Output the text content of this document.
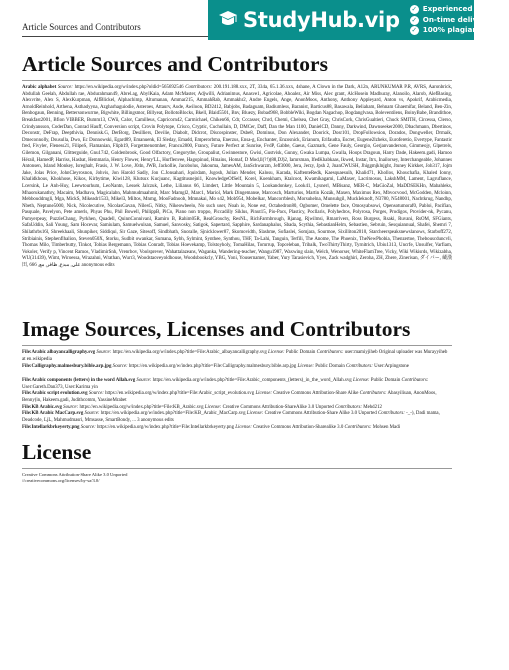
Article Sources and Contributors	StudyHub.vip ✓ Experienced writers
✓ On-time delivery
✓ 100% plagiarism free
Article Sources and Contributors
Arabic alphabet Source: https://en.wikipedia.org/w/index.php?oldid=565692546 Contributors: 200.191.188.xxx, 2T, 334a, 65.1.36.xxx, 4shane, A Clown in the Dark, A12n, ARUNKUMAR P.R, AVRS, Aaronbrick, Abdullah Geelah, Abdullah rae, Abdurahman49, Abrel.ag, AbylKaia, Adam McMaster, Adjwilli, Adrianimus, Anasve1, Agricolae, Ahoalez, Air Miss, Alec grant, AlcHosein Madhuray, Alanoilo, Alarob, AlefBasing, Alexvrite, Alex S, AlexKurpman, AlfBlickel, Alphachimp, Altumanan, Ammar215, AmmahRab, Ammakhr2, Andre Engels, Ange, AnonMoos, Anthony, Anthony Appleyard, Anton vs, Apokrif, Arabicmedia, ArnoldReinhold, Arthena, Asthadyyna, Azgharhaguiodie, Asteroes, Attaurv, Aude, Awiloon, BD2412, Babjobs, Badaguam, Badiumless, Baranist, Barticus88, Basawala, Beliaham, Behnam Ghaemifar, Beland, Ben-Zin, Benbogaun, Benning, Bettersonwurrne, Bigwhite, Billingsmor, Billyeat, BollotoBlocks, Bkell, Blaid5501, Bnv, Bluezy, Bobad968, BobbleWiki, Bogdan Nagachop, Bogdanglvasa, Boleventilens, BoinyBabe, Brandithoe, Breakfast2001, Bfion VIBBER, Bumm13, CWii, Calor, Camilleus, Capricorn42, Carmichael, Chiken66, Cdr, Cccasser, Chrd, Chemi, Chelsea, Chet Gray, ChrisCork, ChrisGualtieri, Chuck SMITH, Circessa, Clerso, Crindyansson, CoderDan, Conrad Hauff, Conversion script, Crovin Polytope, Crisco, Cryptic, Cuchullain, D, DMCer, Daff, Dan the Man 1100, DanielCD, Danny, Darkwind, Dawnseeker2000, Dbachmann, Dbertinos, Deconstr, DeFrap, Deepthivia, Dennisk.G, DerBorg, Desilliers, Devilie, Diabolt, Didcrot, Discospinster, Dsbe8, Dominus, Don Alexander, Doorick, Dosr101, DropFollowsion, Dorados, Dongweller, Drmaik, Dmeconnolly, Dsusulla, Dwo, Ec Donnowski, Egard89, Emanuenk, El Sleday, Emadd, Emperorbma, Enerzus, Ensa-g, Enchanter, Enzosnick, Erianum, Erifaudta, Escret, Eugene2lzheks, Euroferetio, Evertype, Fantastic fred, Fivyler, Fleness21, FilipeS, Flamanian, Flipb19, Forgetmenotmher, Franco2800, Francy, Future Perfect at Sunrise, FvdP, Gabbe, Gaeus, Gazmark, Gene Fauly, Georgio, Gerjanvanderson, Gimmeojy, Glpetrels, Gilemon, Gilganani, Glitterguide, Gnu1742, Goldenbrook, Good Olfactory, Gregorythe, Groupaliut, Gwinnestore, Gwisi, Gustvisk, Gunny, Gwaka Lumpa, Gwalla, Hoops Dragoun, Harry Dade, Hakeem.gadi, Hamoo Hérail, HamedP, Harriss, Hasbat, Hemmaria, Henry Flower, Henry'LL, Hurflenvee, Hagopinud, Hmains, Homaf, D Mod,ll(?!)(88,DJ)2, Iamrsman, IfedKhabkaas, Ikwed, Instar, Itrx, Inailorsey, Interchangeable, Johannes Antonsen, Island Monkey, Isreghalt, Frasis, J. W. Love, J04n, JWB, Jackollie, Jacobolus, Jakouma, JamesAM, JanSchwarzm, Jeff3000, Jera, Jerzy, Jpsh 2, JnanCWUSH, Jhiggmjklnjght, Jtuney Kirkket, Joh317, Jojm Jake, Jolas Price, JohnCleyrosnon, Johvis, Jon Harold Sadly, Jon C.Jonsahari, Jquirdam, Jsgosh, Julian Mender, Kalosu, Karada, KaftenteRedk, Kaesquaesuih, Khalid71, Khollos, Khouchafia, Khaled Ionny, Khalidkhous, Khokhose, Kikos, Kirbytime, Kiwi128, Klutsux Kucjuanc, Kagtitusnejni1, KnowledgeOfSelf, Korel, Koenkham, Ktalcoot, Kwamikagami, LaMaxer, Lacrimosus, LakshMM, Lament, Lagruflance, Lcersink, Le Anh-Huy, Leewtourhum, LeoNantn, Lessek Jalczuk, Lethe, Lilianus 66, Limdert, Little Mountain 5, Lookandonkey, Look41, Lysnerl, MBisanz, MER-C, MaGioZal, MaDDSEKHn, Mabahleks, Mhaorukanathry, Macaim, Madhava, Magicalabn, Mahmudmaahmit, Marc Mamgl2, Marc1, Mariol, Mark Dingemanse, Marcosch, Marturios, Martin Kozák, Maxen, Maximus Rex, Mbvocvood, McGodden, Mcloinn, Mebbouddmgli, Mga, MickS, Mikeadr1533, Mikel3, Miltos, Mnmg, MooFadnoob, Mmnakai, Mo s42, Mob954, Mobelkar, Mancorrblesh, Morsuhelna, Munsuhgil, MuckIeknoft, N3780, N548001, Nachtkrug, Nandhp, Nbeth, Neptune5000, Nick, Nicolecutive, NicolasGavan, NilesG, Nitky, Nikeowbeelo, No such user, Noah io, None est, Octahedron80, Ogbomer, Omelette face, Omosyabsowi, Opensotumoraf0, Pabloi, Pacifian, Pasquale, Pavelyon, Pete amerls, Phyas Phu, Phil Bowell, PhilippB, PiCo, Piano non troppo, Piccadilly Siklus, Pinut15, Pio-Pacs, Plasticy, Pocllaris, Polyhedros, Polyrosa, Porges, Prodigos, Provider-nk, Pycanu, Pumyerpeay, PuzzleChang, Pyrkhen, Quadell, QuinnConnivanl, Ramiro B, Rahim05R, RealGrouchy, ResNL, RichFarmbrough, Rjanag, Rjwilmsi, Rmarrivers, Ross Burgess, Rsaki, Ruvani, RsOM, SFGiants, SafaUddin, Sali Young, Sam Hocevar, Samiulam, Samuelwulsan, Samuel, Sanvosky, Satigok, Sapertard, Sapphire, Sardanaphalus, Sbada, Scythia, SebastianHelm, Sebastien, Sebruin, Sesquiannual, Shafei, Shemri 7, Shilathrbs16l, Shreekhaali, Shunpiker, Siddiqui, Sir Gaze, Sitesoff, Sindbhath, Snoralle, Sjnicklower87, Skomovidth, Slashme, Sofiaslei, Somjara, Sourmoe, Sixilliton2010, Starcheerspeaksnewslanows, Starboff272, Stribiainis, Stephenflhalion, Steven050X, Storku, Sudbit owankar, Sumana, Sybh, Sylmint, Synthee, Synthou, THF, Ta-Lahi, Tanguin, Terfili, The Anome, The Phoenix, TheNewPhobia, Thenzertoe, Thebouscduncvli, Thomas Milo, Timberbutty, Tinkot, Tobias Bergemann, Tobias Conradt, Tobias Hoevekamp, Tolstoyholy, TomaHilas, Tomrrup, Topceleban, Tribalk, TwoThirtyThirty, Tyrnitrich, Ubiu1313, Uncrfe, Unsulfer, Varfiam, Vokoler, Verify p, Vincent Ramos, VladimirSnh, Vrenrbov, Voolsprever, Wahattalazeans, Waganka, Wandering-teacher, Wangu1987, Waxwing slain, Welch, Wenorser, WhiteFlamTree, Vicky, Wiki Wikisrds, Wikizabha, WU(31439), Wimt, Wiroessa, Wrazahni, Wrathan, Wurr3, Woodstaoveyoldhouse, Woodsbookcly, YBG, Yoni, Yousernamer, Yaber, Yury Tarasievich, Yyes, Zack wadghiri, Zeroha, ZH, Zhere, Zinerisan, ダイバー, 蔵漢田, علي, مبدع, ظافر, مع, 666 anonymous edits
Image Sources, Licenses and Contributors
File:Arabic albayancalligraphy.svg Source: https://en.wikipedia.org/w/index.php?title=File:Arabic_albayancalligraphy.svg License: Public Domain Contributors: user:mamiyjiheb Original uploader was Murayyiheb at en.wikipedia
File:Calligraphy.malmesbury.bible.arp.jpg Source: https://en.wikipedia.org/w/index.php?title=File:Calligraphy.malmesbury.bible.arp.jpg License: Public Domain Contributors: User:Arpingstone
File:Arabic components (letters) in the word Allah.svg Source: https://en.wikipedia.org/w/index.php?title=File:Arabic_components_(letters)_in_the_word_Allah.svg License: Public Domain Contributors: User:Gareth.Dan373, User:Karima yin
File:Arabic script evolution.svg Source: https://en.wikipedia.org/w/index.php?title=File:Arabic_script_evolution.svg License: Creative Commons Attribution-Share Alike Contributors: Abasyiliuan, AnonMoos, Benny(in, Hakeem.gadi, Judithcomm, YassineMrabet
File:KB Arabic.svg Source: https://en.wikipedia.org/w/index.php?title=File:KB_Arabic.svg License: Creative Commons Attribution-ShareAlike 3.0 Unported Contributors: Mehd212
File:KB Arabic MacCarp.svg Source: https://en.wikipedia.org/w/index.php?title=File:KB_Arabic_MacCarp.svg License: Creative Commons Attribution-Share Alike 3.0 Unported Contributors: -_-), Dadi mama, Deadcode, LjL, Mahmudmasri, Mmsasse, SmartBondy, ... 3 anonymous edits
File:Intellarkbrkeyerty.png Source: https://en.wikipedia.org/w/index.php?title=File:Intellarkbrkeyerty.png License: Creative Commons Attribution-Sharealike 3.0 Contributors: Mohsen Madi
License
Creative Commons Attribution-Share Alike 3.0 Unported
//creativecommons.org/licenses/by-sa/3.0/
